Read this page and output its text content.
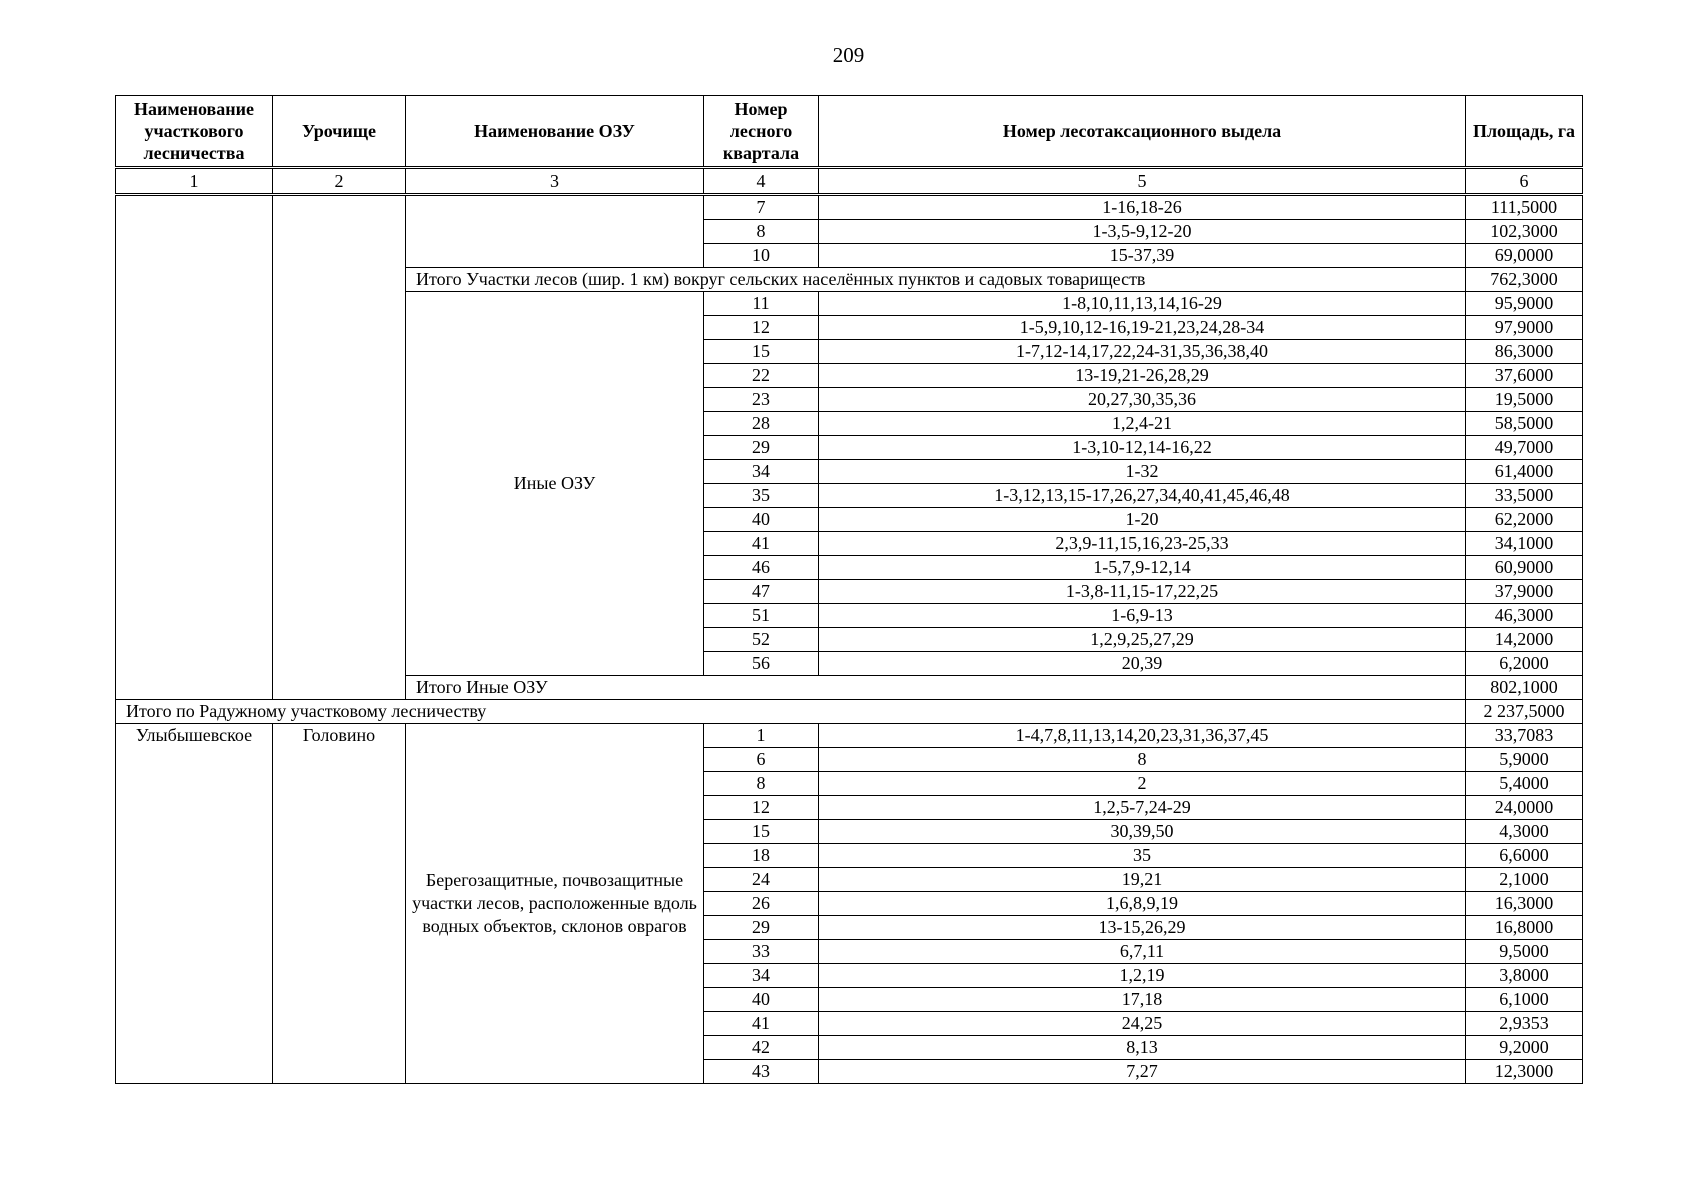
209
Наименование участкового лесничества	Урочище	Наименование ОЗУ	Номер лесного квартала	Номер лесотаксационного выдела	Площадь, га
1	2	3	4	5	6
			7	1-16,18-26	111,5000
			8	1-3,5-9,12-20	102,3000
			10	15-37,39	69,0000
		Итого Участки лесов (шир. 1 км) вокруг сельских населённых пунктов и садовых товариществ			762,3000
		Иные ОЗУ	11	1-8,10,11,13,14,16-29	95,9000
			12	1-5,9,10,12-16,19-21,23,24,28-34	97,9000
			15	1-7,12-14,17,22,24-31,35,36,38,40	86,3000
			22	13-19,21-26,28,29	37,6000
			23	20,27,30,35,36	19,5000
			28	1,2,4-21	58,5000
			29	1-3,10-12,14-16,22	49,7000
			34	1-32	61,4000
			35	1-3,12,13,15-17,26,27,34,40,41,45,46,48	33,5000
			40	1-20	62,2000
			41	2,3,9-11,15,16,23-25,33	34,1000
			46	1-5,7,9-12,14	60,9000
			47	1-3,8-11,15-17,22,25	37,9000
			51	1-6,9-13	46,3000
			52	1,2,9,25,27,29	14,2000
			56	20,39	6,2000
		Итого Иные ОЗУ			802,1000
Итого по Радужному участковому лесничеству					2 237,5000
Улыбышевское	Головино	Берегозащитные, почвозащитные участки лесов, расположенные вдоль водных объектов, склонов оврагов	1	1-4,7,8,11,13,14,20,23,31,36,37,45	33,7083
			6	8	5,9000
			8	2	5,4000
			12	1,2,5-7,24-29	24,0000
			15	30,39,50	4,3000
			18	35	6,6000
			24	19,21	2,1000
			26	1,6,8,9,19	16,3000
			29	13-15,26,29	16,8000
			33	6,7,11	9,5000
			34	1,2,19	3,8000
			40	17,18	6,1000
			41	24,25	2,9353
			42	8,13	9,2000
			43	7,27	12,3000
